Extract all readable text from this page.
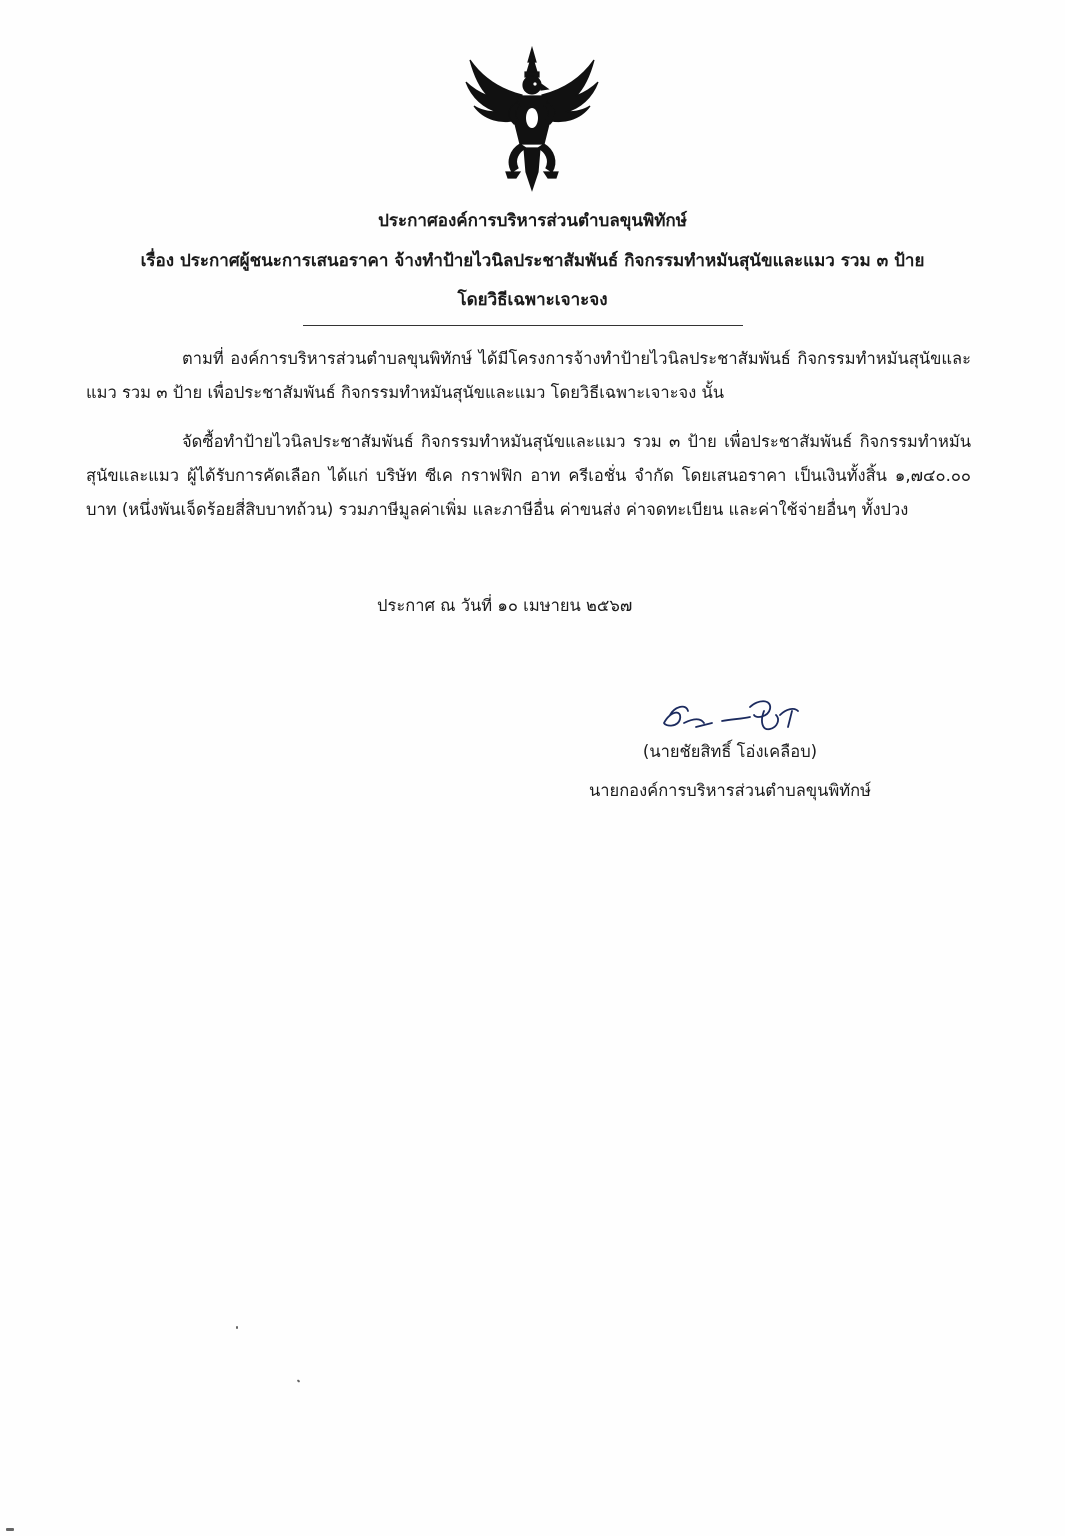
ประกาศองค์การบริหารส่วนตำบลขุนพิทักษ์
เรื่อง ประกาศผู้ชนะการเสนอราคา จ้างทำป้ายไวนิลประชาสัมพันธ์ กิจกรรมทำหมันสุนัขและแมว รวม ๓ ป้าย
โดยวิธีเฉพาะเจาะจง
ตามที่ องค์การบริหารส่วนตำบลขุนพิทักษ์ ได้มีโครงการจ้างทำป้ายไวนิลประชาสัมพันธ์ กิจกรรมทำหมันสุนัขและแมว รวม ๓ ป้าย เพื่อประชาสัมพันธ์ กิจกรรมทำหมันสุนัขและแมว โดยวิธีเฉพาะเจาะจง นั้น
จัดซื้อทำป้ายไวนิลประชาสัมพันธ์ กิจกรรมทำหมันสุนัขและแมว รวม ๓ ป้าย เพื่อประชาสัมพันธ์ กิจกรรมทำหมันสุนัขและแมว ผู้ได้รับการคัดเลือก ได้แก่ บริษัท ซีเค กราฟฟิก อาท ครีเอชั่น จำกัด โดยเสนอราคา เป็นเงินทั้งสิ้น ๑,๗๔๐.๐๐ บาท (หนึ่งพันเจ็ดร้อยสี่สิบบาทถ้วน) รวมภาษีมูลค่าเพิ่ม และภาษีอื่น ค่าขนส่ง ค่าจดทะเบียน และค่าใช้จ่ายอื่นๆ ทั้งปวง
ประกาศ ณ วันที่ ๑๐ เมษายน ๒๕๖๗
(นายชัยสิทธิ์ โอ่งเคลือบ)
นายกองค์การบริหารส่วนตำบลขุนพิทักษ์
